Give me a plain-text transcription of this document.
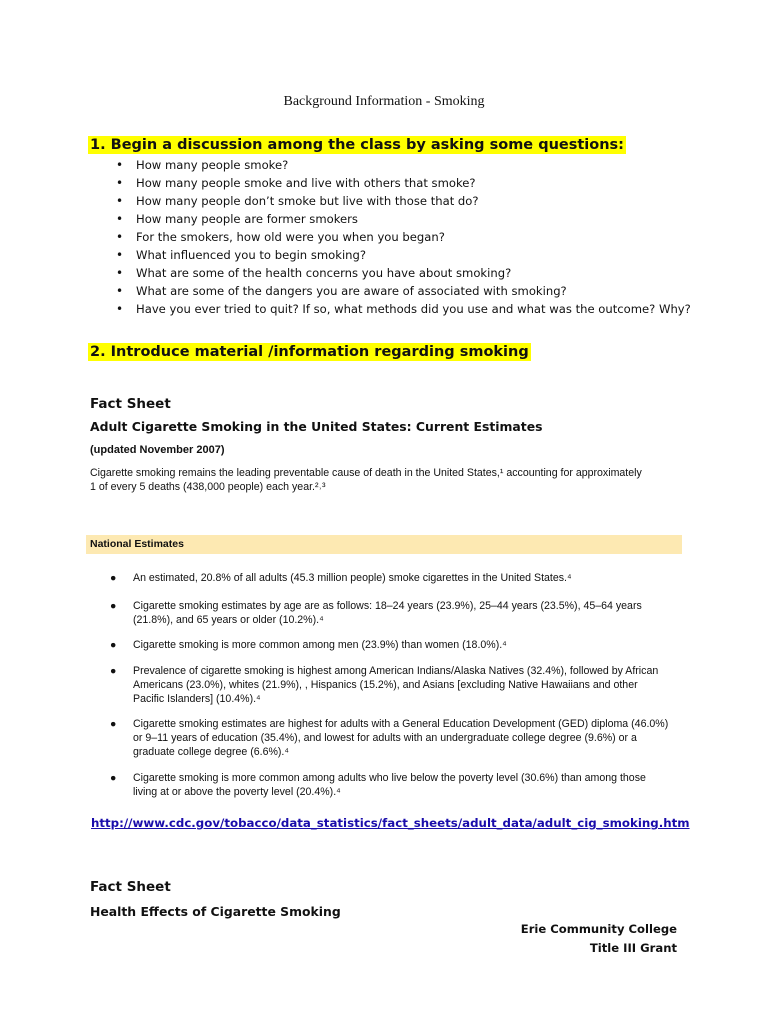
Background Information - Smoking
1. Begin a discussion among the class by asking some questions:
• How many people smoke?
• How many people smoke and live with others that smoke?
• How many people don’t smoke but live with those that do?
• How many people are former smokers
• For the smokers, how old were you when you began?
• What influenced you to begin smoking?
• What are some of the health concerns you have about smoking?
• What are some of the dangers you are aware of associated with smoking?
• Have you ever tried to quit? If so, what methods did you use and what was the outcome? Why?
2. Introduce material /information regarding smoking
Fact Sheet
Adult Cigarette Smoking in the United States: Current Estimates
(updated November 2007)
Cigarette smoking remains the leading preventable cause of death in the United States,¹ accounting for approximately 1 of every 5 deaths (438,000 people) each year.²˒³
National Estimates
● An estimated, 20.8% of all adults (45.3 million people) smoke cigarettes in the United States.⁴
● Cigarette smoking estimates by age are as follows: 18–24 years (23.9%), 25–44 years (23.5%), 45–64 years (21.8%), and 65 years or older (10.2%).⁴
● Cigarette smoking is more common among men (23.9%) than women (18.0%).⁴
● Prevalence of cigarette smoking is highest among American Indians/Alaska Natives (32.4%), followed by African Americans (23.0%), whites (21.9%), , Hispanics (15.2%), and Asians [excluding Native Hawaiians and other Pacific Islanders] (10.4%).⁴
● Cigarette smoking estimates are highest for adults with a General Education Development (GED) diploma (46.0%) or 9–11 years of education (35.4%), and lowest for adults with an undergraduate college degree (9.6%) or a graduate college degree (6.6%).⁴
● Cigarette smoking is more common among adults who live below the poverty level (30.6%) than among those living at or above the poverty level (20.4%).⁴
http://www.cdc.gov/tobacco/data_statistics/fact_sheets/adult_data/adult_cig_smoking.htm
Fact Sheet
Health Effects of Cigarette Smoking
Erie Community College
Title III Grant
